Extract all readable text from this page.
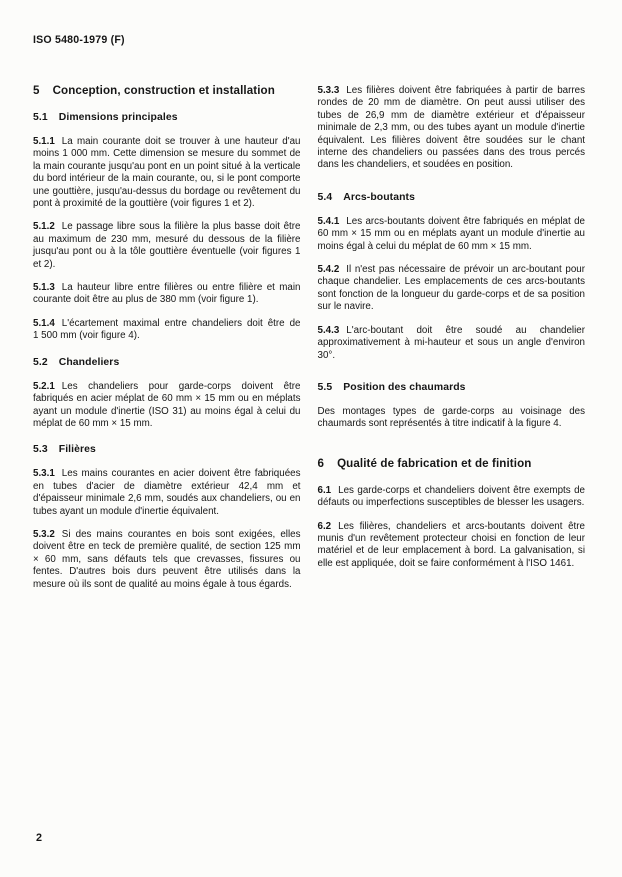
ISO 5480-1979 (F)
5 Conception, construction et installation
5.1 Dimensions principales

5.1.1 La main courante doit se trouver à une hauteur d'au moins 1 000 mm. Cette dimension se mesure du sommet de la main courante jusqu'au pont en un point situé à la verticale du bord intérieur de la main courante, ou, si le pont comporte une gouttière, jusqu'au-dessus du bordage ou revêtement du pont à proximité de la gouttière (voir figures 1 et 2).

5.1.2 Le passage libre sous la filière la plus basse doit être au maximum de 230 mm, mesuré du dessous de la filière jusqu'au pont ou à la tôle gouttière éventuelle (voir figures 1 et 2).

5.1.3 La hauteur libre entre filières ou entre filière et main courante doit être au plus de 380 mm (voir figure 1).

5.1.4 L'écartement maximal entre chandeliers doit être de 1 500 mm (voir figure 4).

5.2 Chandeliers

5.2.1 Les chandeliers pour garde-corps doivent être fabriqués en acier méplat de 60 mm × 15 mm ou en méplats ayant un module d'inertie (ISO 31) au moins égal à celui du méplat de 60 mm × 15 mm.

5.3 Filières

5.3.1 Les mains courantes en acier doivent être fabriquées en tubes d'acier de diamètre extérieur 42,4 mm et d'épaisseur minimale 2,6 mm, soudés aux chandeliers, ou en tubes ayant un module d'inertie équivalent.

5.3.2 Si des mains courantes en bois sont exigées, elles doivent être en teck de première qualité, de section 125 mm × 60 mm, sans défauts tels que crevasses, fissures ou fentes. D'autres bois durs peuvent être utilisés dans la mesure où ils sont de qualité au moins égale à tous égards.

5.3.3 Les filières doivent être fabriquées à partir de barres rondes de 20 mm de diamètre. On peut aussi utiliser des tubes de 26,9 mm de diamètre extérieur et d'épaisseur minimale de 2,3 mm, ou des tubes ayant un module d'inertie équivalent. Les filières doivent être soudées sur le chant interne des chandeliers ou passées dans des trous percés dans les chandeliers, et soudées en position.

5.4 Arcs-boutants

5.4.1 Les arcs-boutants doivent être fabriqués en méplat de 60 mm × 15 mm ou en méplats ayant un module d'inertie au moins égal à celui du méplat de 60 mm × 15 mm.

5.4.2 Il n'est pas nécessaire de prévoir un arc-boutant pour chaque chandelier. Les emplacements de ces arcs-boutants sont fonction de la longueur du garde-corps et de sa position sur le navire.

5.4.3 L'arc-boutant doit être soudé au chandelier approximativement à mi-hauteur et sous un angle d'environ 30°.

5.5 Position des chaumards

Des montages types de garde-corps au voisinage des chaumards sont représentés à titre indicatif à la figure 4.

6 Qualité de fabrication et de finition

6.1 Les garde-corps et chandeliers doivent être exempts de défauts ou imperfections susceptibles de blesser les usagers.

6.2 Les filières, chandeliers et arcs-boutants doivent être munis d'un revêtement protecteur choisi en fonction de leur matériel et de leur emplacement à bord. La galvanisation, si elle est appliquée, doit se faire conformément à l'ISO 1461.

2
